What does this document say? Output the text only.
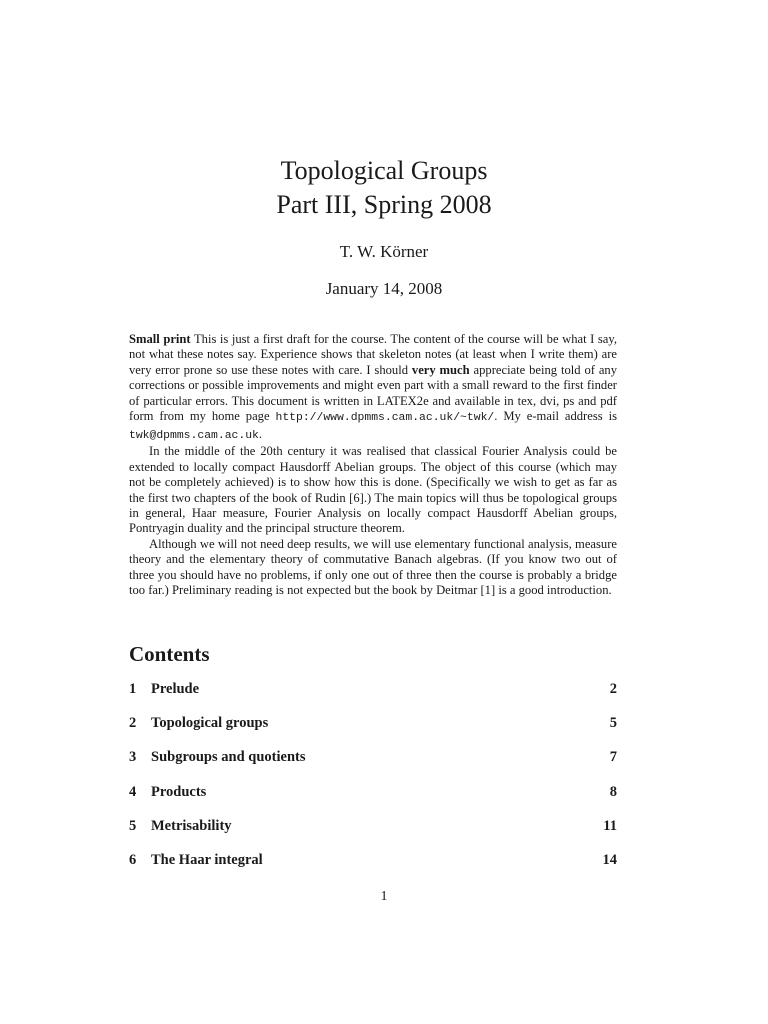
Topological Groups
Part III, Spring 2008
T. W. Körner
January 14, 2008

Small print This is just a first draft for the course. The content of the course will be what I say, not what these notes say. Experience shows that skeleton notes (at least when I write them) are very error prone so use these notes with care. I should very much appreciate being told of any corrections or possible improvements and might even part with a small reward to the first finder of particular errors. This document is written in LATEX2e and available in tex, dvi, ps and pdf form from my home page http://www.dpmms.cam.ac.uk/~twk/. My e-mail address is twk@dpmms.cam.ac.uk.

In the middle of the 20th century it was realised that classical Fourier Analysis could be extended to locally compact Hausdorff Abelian groups. The object of this course (which may not be completely achieved) is to show how this is done. (Specifically we wish to get as far as the first two chapters of the book of Rudin [6].) The main topics will thus be topological groups in general, Haar measure, Fourier Analysis on locally compact Hausdorff Abelian groups, Pontryagin duality and the principal structure theorem.

Although we will not need deep results, we will use elementary functional analysis, measure theory and the elementary theory of commutative Banach algebras. (If you know two out of three you should have no problems, if only one out of three then the course is probably a bridge too far.) Preliminary reading is not expected but the book by Deitmar [1] is a good introduction.

Contents
1 Prelude	2
2 Topological groups	5
3 Subgroups and quotients	7
4 Products	8
5 Metrisability	11
6 The Haar integral	14
1
